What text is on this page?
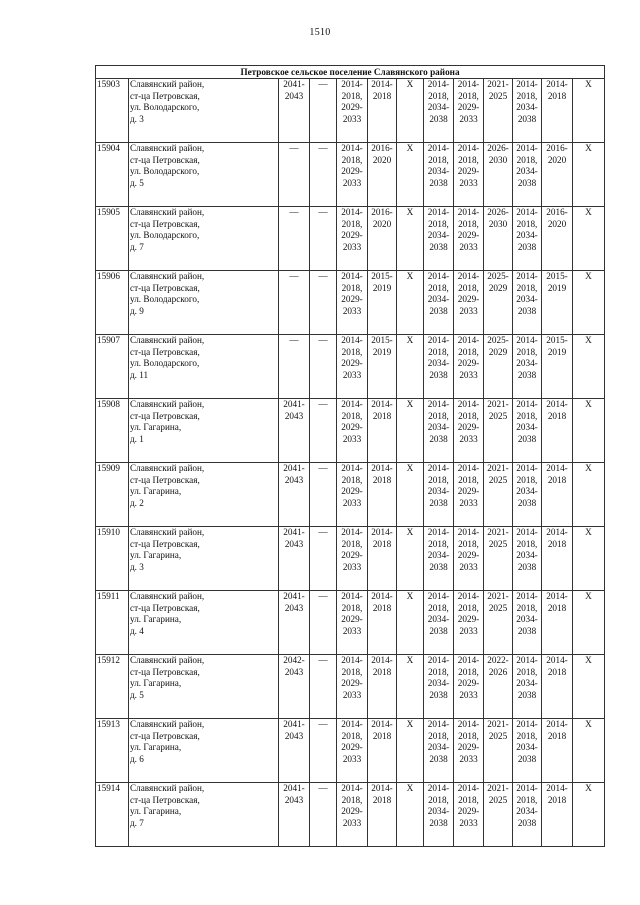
1510
Петровское сельское поселение Славянского района												
15903	Славянский район,
ст-ца Петровская,
ул. Володарского,
д. 3	2041-
2043	—	2014-
2018,
2029-
2033	2014-
2018	X	2014-
2018,
2034-
2038	2014-
2018,
2029-
2033	2021-
2025	2014-
2018,
2034-
2038	2014-
2018	X

15904	Славянский район,
ст-ца Петровская,
ул. Володарского,
д. 5	—	—	2014-
2018,
2029-
2033	2016-
2020	X	2014-
2018,
2034-
2038	2014-
2018,
2029-
2033	2026-
2030	2014-
2018,
2034-
2038	2016-
2020	X

15905	Славянский район,
ст-ца Петровская,
ул. Володарского,
д. 7	—	—	2014-
2018,
2029-
2033	2016-
2020	X	2014-
2018,
2034-
2038	2014-
2018,
2029-
2033	2026-
2030	2014-
2018,
2034-
2038	2016-
2020	X

15906	Славянский район,
ст-ца Петровская,
ул. Володарского,
д. 9	—	—	2014-
2018,
2029-
2033	2015-
2019	X	2014-
2018,
2034-
2038	2014-
2018,
2029-
2033	2025-
2029	2014-
2018,
2034-
2038	2015-
2019	X

15907	Славянский район,
ст-ца Петровская,
ул. Володарского,
д. 11	—	—	2014-
2018,
2029-
2033	2015-
2019	X	2014-
2018,
2034-
2038	2014-
2018,
2029-
2033	2025-
2029	2014-
2018,
2034-
2038	2015-
2019	X

15908	Славянский район,
ст-ца Петровская,
ул. Гагарина,
д. 1	2041-
2043	—	2014-
2018,
2029-
2033	2014-
2018	X	2014-
2018,
2034-
2038	2014-
2018,
2029-
2033	2021-
2025	2014-
2018,
2034-
2038	2014-
2018	X

15909	Славянский район,
ст-ца Петровская,
ул. Гагарина,
д. 2	2041-
2043	—	2014-
2018,
2029-
2033	2014-
2018	X	2014-
2018,
2034-
2038	2014-
2018,
2029-
2033	2021-
2025	2014-
2018,
2034-
2038	2014-
2018	X

15910	Славянский район,
ст-ца Петровская,
ул. Гагарина,
д. 3	2041-
2043	—	2014-
2018,
2029-
2033	2014-
2018	X	2014-
2018,
2034-
2038	2014-
2018,
2029-
2033	2021-
2025	2014-
2018,
2034-
2038	2014-
2018	X

15911	Славянский район,
ст-ца Петровская,
ул. Гагарина,
д. 4	2041-
2043	—	2014-
2018,
2029-
2033	2014-
2018	X	2014-
2018,
2034-
2038	2014-
2018,
2029-
2033	2021-
2025	2014-
2018,
2034-
2038	2014-
2018	X

15912	Славянский район,
ст-ца Петровская,
ул. Гагарина,
д. 5	2042-
2043	—	2014-
2018,
2029-
2033	2014-
2018	X	2014-
2018,
2034-
2038	2014-
2018,
2029-
2033	2022-
2026	2014-
2018,
2034-
2038	2014-
2018	X

15913	Славянский район,
ст-ца Петровская,
ул. Гагарина,
д. 6	2041-
2043	—	2014-
2018,
2029-
2033	2014-
2018	X	2014-
2018,
2034-
2038	2014-
2018,
2029-
2033	2021-
2025	2014-
2018,
2034-
2038	2014-
2018	X

15914	Славянский район,
ст-ца Петровская,
ул. Гагарина,
д. 7	2041-
2043	—	2014-
2018,
2029-
2033	2014-
2018	X	2014-
2018,
2034-
2038	2014-
2018,
2029-
2033	2021-
2025	2014-
2018,
2034-
2038	2014-
2018	X
